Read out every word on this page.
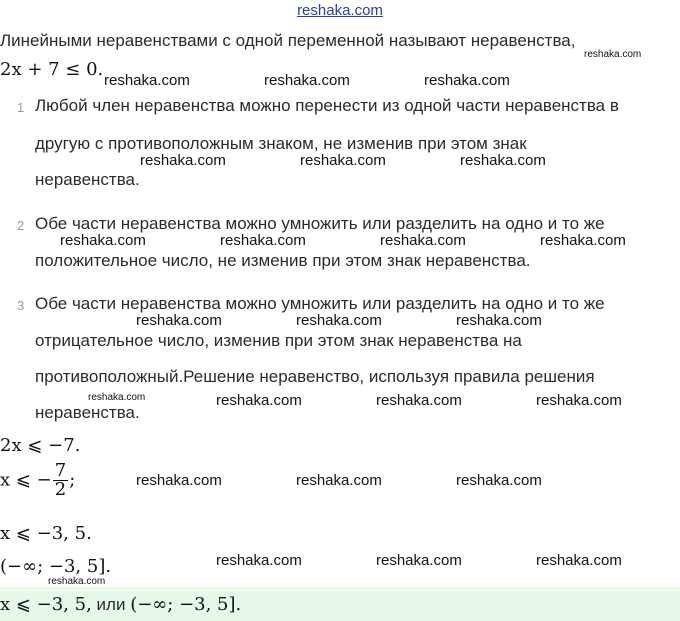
reshaka.com
Линейными неравенствами с одной переменной называют неравенства,
2x + 7 ≤ 0.
1 Любой член неравенства можно перенести из одной части неравенства в
другую с противоположным знаком, не изменив при этом знак
неравенства.
2 Обе части неравенства можно умножить или разделить на одно и то же
положительное число, не изменив при этом знак неравенства.
3 Обе части неравенства можно умножить или разделить на одно и то же
отрицательное число, изменив при этом знак неравенства на
противоположный.Решение неравенство, используя правила решения
неравенства.
2x ⩽ −7.
x ⩽ − $\frac{7}{2}$ ;
x ⩽ −3, 5.
(−∞; −3, 5].
x ⩽ −3, 5, или (−∞; −3, 5].
reshaka.com
reshaka.com	reshaka.com	reshaka.com
reshaka.com	reshaka.com	reshaka.com
reshaka.com	reshaka.com	reshaka.com	reshaka.com
reshaka.com	reshaka.com	reshaka.com
reshaka.com	reshaka.com	reshaka.com	reshaka.com
reshaka.com	reshaka.com	reshaka.com
reshaka.com	reshaka.com	reshaka.com
reshaka.com
